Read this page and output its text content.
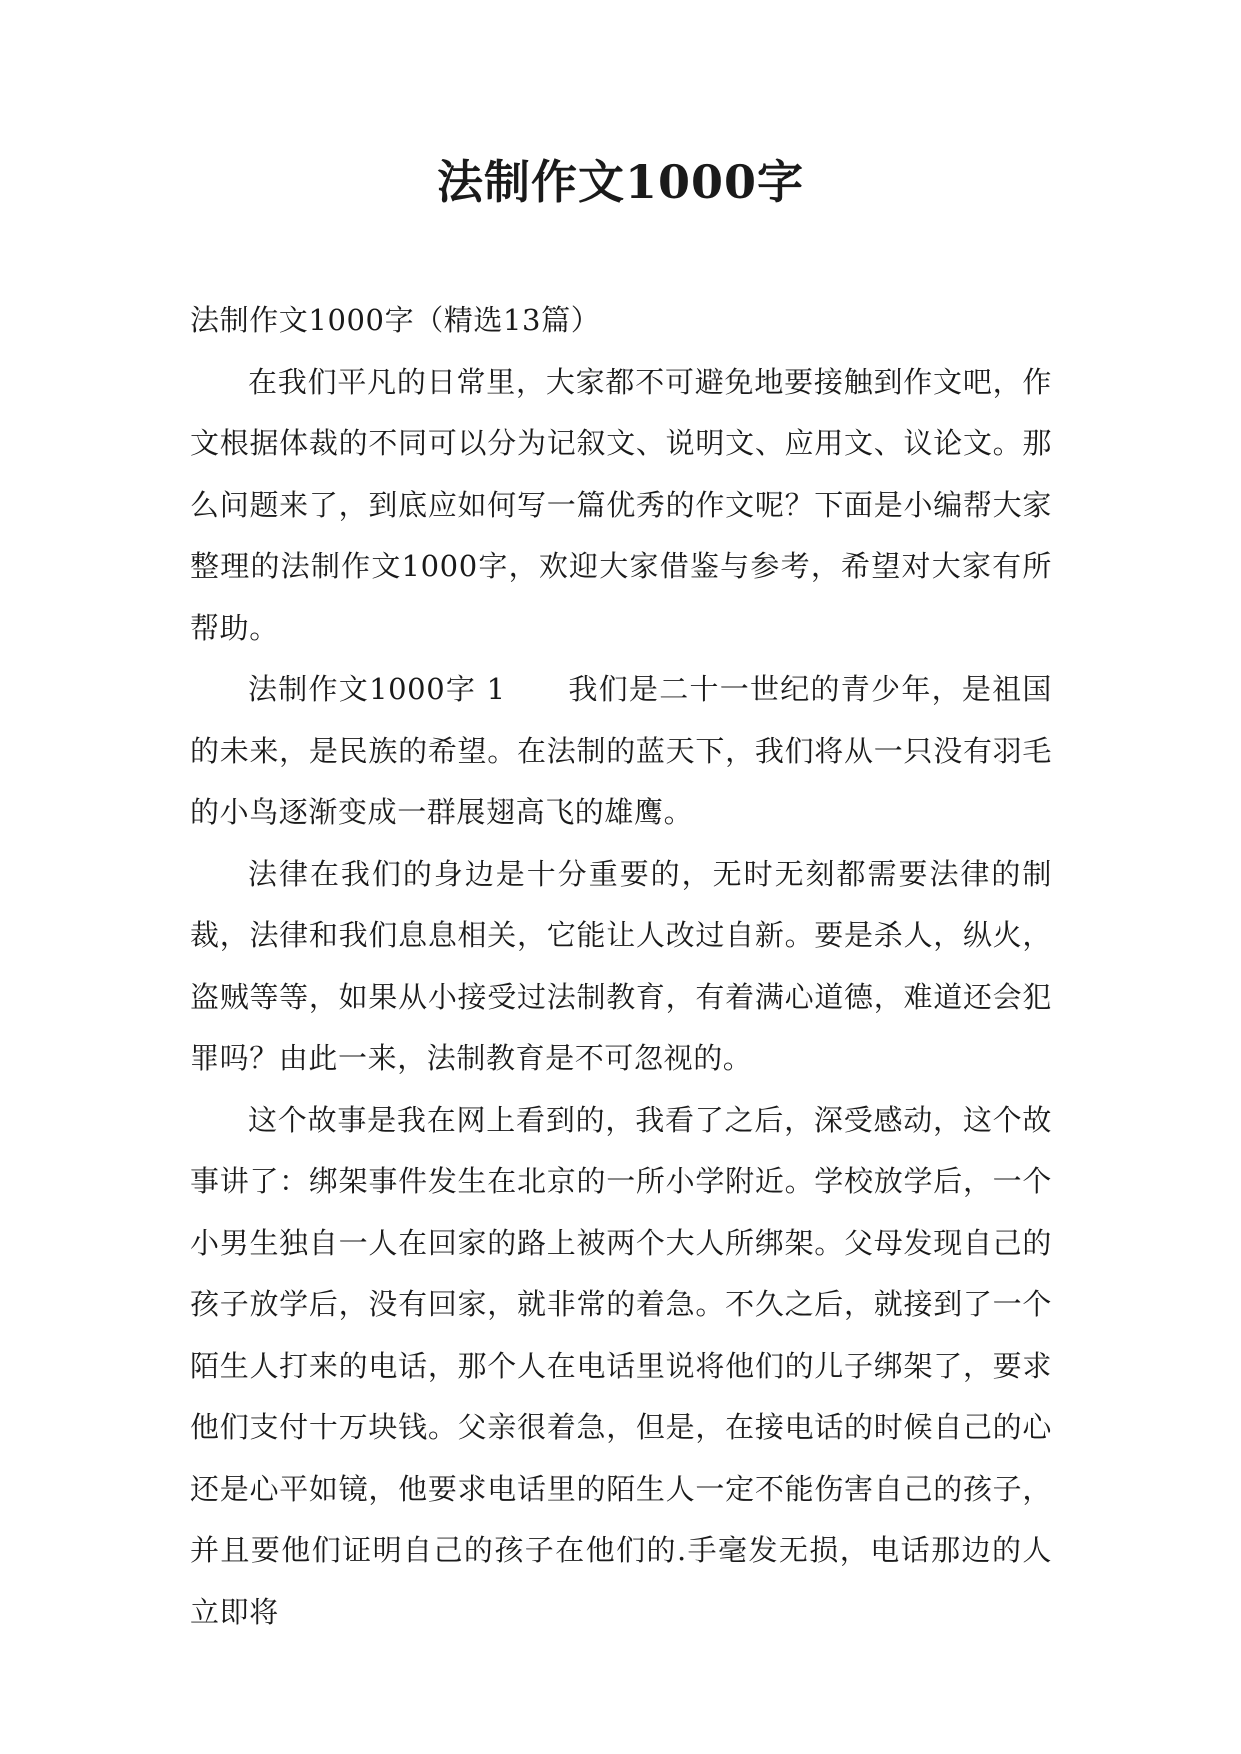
法制作文1000字

法制作文1000字（精选13篇）

在我们平凡的日常里，大家都不可避免地要接触到作文吧，作文根据体裁的不同可以分为记叙文、说明文、应用文、议论文。那么问题来了，到底应如何写一篇优秀的作文呢？下面是小编帮大家整理的法制作文1000字，欢迎大家借鉴与参考，希望对大家有所帮助。

法制作文1000字 1 我们是二十一世纪的青少年，是祖国的未来，是民族的希望。在法制的蓝天下，我们将从一只没有羽毛的小鸟逐渐变成一群展翅高飞的雄鹰。

法律在我们的身边是十分重要的，无时无刻都需要法律的制裁，法律和我们息息相关，它能让人改过自新。要是杀人，纵火，盗贼等等，如果从小接受过法制教育，有着满心道德，难道还会犯罪吗？由此一来，法制教育是不可忽视的。

这个故事是我在网上看到的，我看了之后，深受感动，这个故事讲了：绑架事件发生在北京的一所小学附近。学校放学后，一个小男生独自一人在回家的路上被两个大人所绑架。父母发现自己的孩子放学后，没有回家，就非常的着急。不久之后，就接到了一个陌生人打来的电话，那个人在电话里说将他们的儿子绑架了，要求他们支付十万块钱。父亲很着急，但是，在接电话的时候自己的心还是心平如镜，他要求电话里的陌生人一定不能伤害自己的孩子，并且要他们证明自己的孩子在他们的.手毫发无损，电话那边的人立即将
